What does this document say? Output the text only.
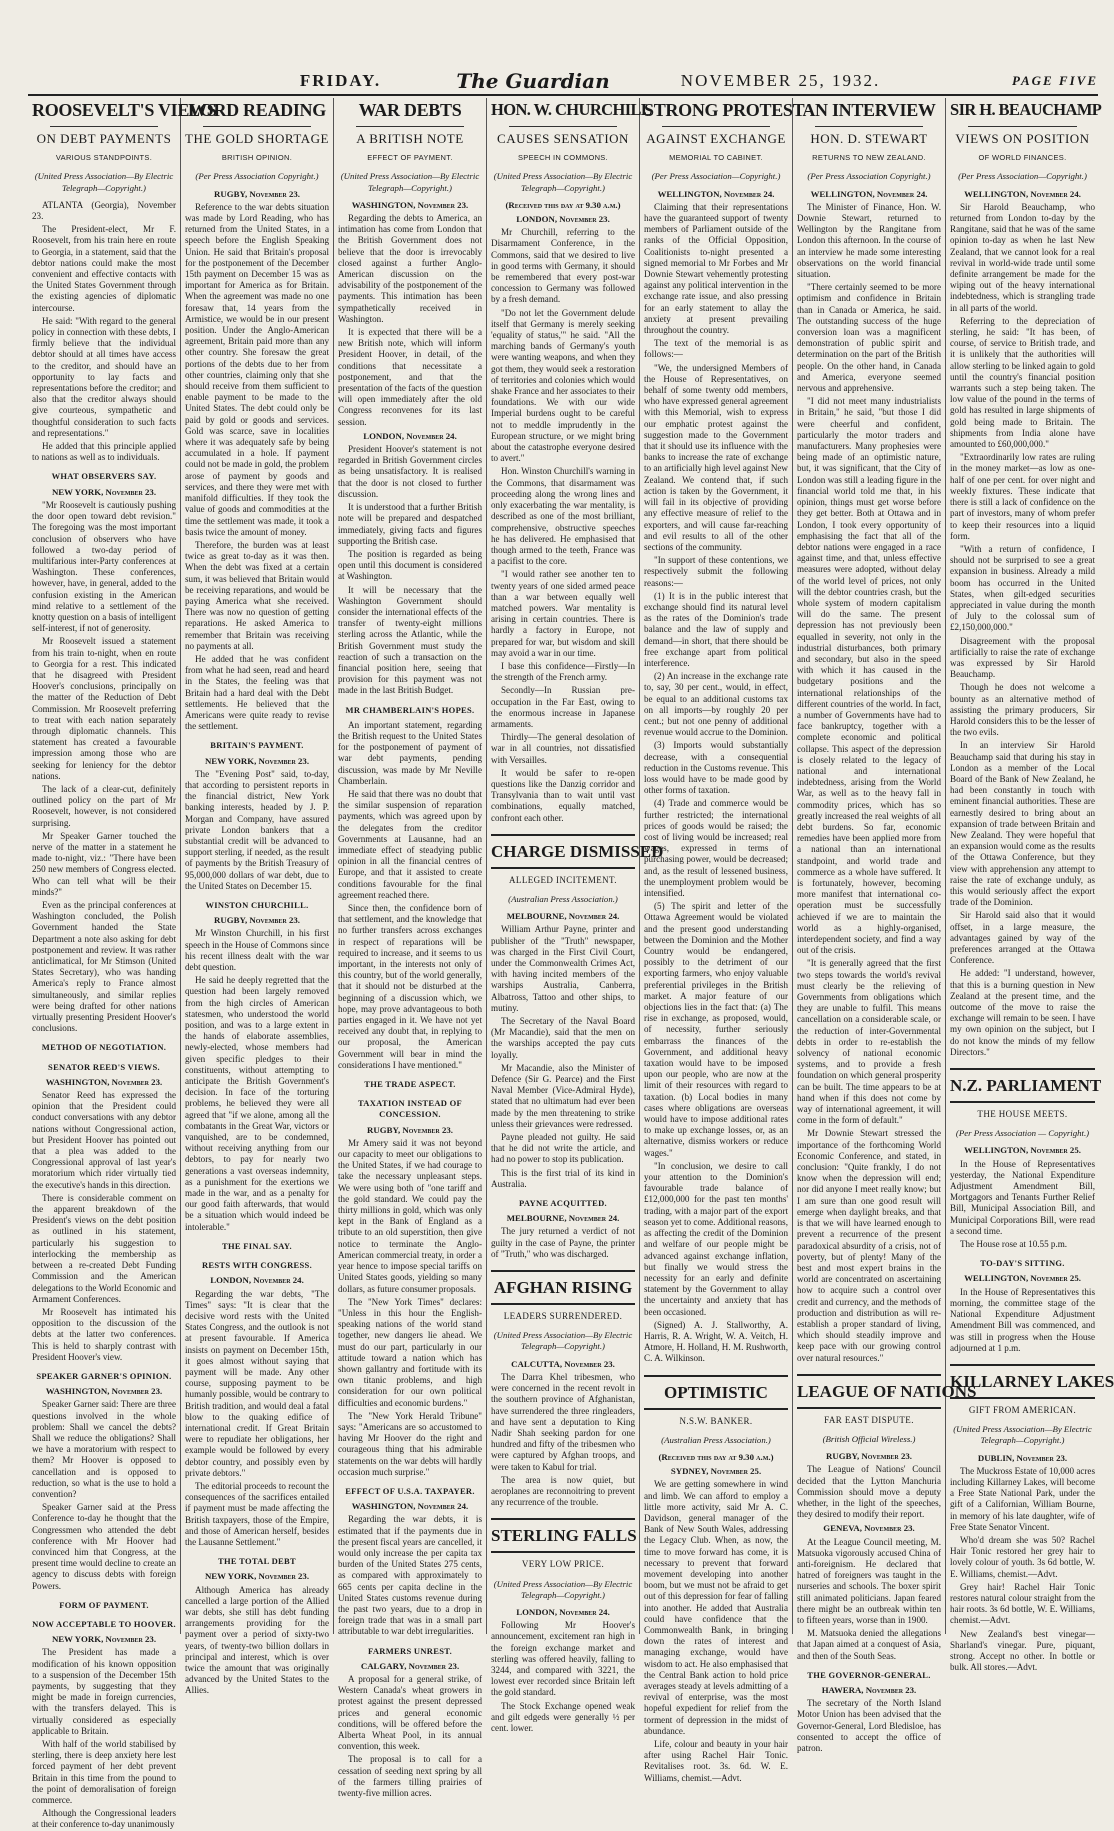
FRIDAY.	The Guardian	NOVEMBER 25, 1932.	PAGE FIVE
ROOSEVELT'S VIEWS
ON DEBT PAYMENTS
VARIOUS STANDPOINTS.
(United Press Association—By Electric Telegraph—Copyright.)

ATLANTA (Georgia), November 23.

The President-elect, Mr F. Roosevelt, from his train here en route to Georgia, in a statement, said that the debtor nations could make the most convenient and effective contacts with the United States Government through the existing agencies of diplomatic intercourse.

He said: "With regard to the general policy in connection with these debts, I firmly believe that the individual debtor should at all times have access to the creditor, and should have an opportunity to lay facts and representations before the creditor; and also that the creditor always should give courteous, sympathetic and thoughtful consideration to such facts and representations."

He added that this principle applied to nations as well as to individuals.

WHAT OBSERVERS SAY.
NEW YORK, November 23.

"Mr Roosevelt is cautiously pushing the door open toward debt revision." The foregoing was the most important conclusion of observers who have followed a two-day period of multifarious inter-Party conferences at Washington. These conferences, however, have, in general, added to the confusion existing in the American mind relative to a settlement of the knotty question on a basis of intelligent self-interest, if not of generosity.

Mr Roosevelt issued a statement from his train to-night, when en route to Georgia for a rest. This indicated that he disagreed with President Hoover's conclusions, principally on the matter of the Reduction of Debt Commission. Mr Roosevelt preferring to treat with each nation separately through diplomatic channels. This statement has created a favourable impression among those who are seeking for leniency for the debtor nations.

The lack of a clear-cut, definitely outlined policy on the part of Mr Roosevelt, however, is not considered surprising.

Mr Speaker Garner touched the nerve of the matter in a statement he made to-night, viz.: "There have been 250 new members of Congress elected. Who can tell what will be their minds?"

Even as the principal conferences at Washington concluded, the Polish Government handed the State Department a note also asking for debt postponement and review. It was rather anticlimatical, for Mr Stimson (United States Secretary), who was handing America's reply to France almost simultaneously, and similar replies were being drafted for other nations virtually presenting President Hoover's conclusions.

METHOD OF NEGOTIATION.
SENATOR REED'S VIEWS.
WASHINGTON, November 23.

Senator Reed has expressed the opinion that the President could conduct conversations with any debtor nations without Congressional action, but President Hoover has pointed out that a plea was added to the Congressional approval of last year's moratorium which rider virtually tied the executive's hands in this direction.

There is considerable comment on the apparent breakdown of the President's views on the debt position as outlined in his statement, particularly his suggestion to interlocking the membership as between a re-created Debt Funding Commission and the American delegations to the World Economic and Armament Conferences.

Mr Roosevelt has intimated his opposition to the discussion of the debts at the latter two conferences. This is held to sharply contrast with President Hoover's view.

SPEAKER GARNER'S OPINION.
WASHINGTON, November 23.

Speaker Garner said: There are three questions involved in the whole problem: Shall we cancel the debts? Shall we reduce the obligations? Shall we have a moratorium with respect to them? Mr Hoover is opposed to cancellation and is opposed to reduction, so what is the use to hold a convention?

Speaker Garner said at the Press Conference to-day he thought that the Congressmen who attended the debt conference with Mr Hoover had convinced him that Congress, at the present time would decline to create an agency to discuss debts with foreign Powers.

FORM OF PAYMENT.
NOW ACCEPTABLE TO HOOVER.
NEW YORK, November 23.

The President has made a modification of his known opposition to a suspension of the December 15th payments, by suggesting that they might be made in foreign currencies, with the transfers delayed. This is virtually considered as especially applicable to Britain.

With half of the world stabilised by sterling, there is deep anxiety here lest forced payment of her debt prevent Britain in this time from the pound to the point of demoralisation of foreign commerce.

Although the Congressional leaders at their conference to-day unanimously

LORD READING
THE GOLD SHORTAGE
BRITISH OPINION.
(Per Press Association Copyright.)
RUGBY, November 23.

Reference to the war debts situation was made by Lord Reading, who has returned from the United States, in a speech before the English Speaking Union. He said that Britain's proposal for the postponement of the December 15th payment on December 15 was as important for America as for Britain. When the agreement was made no one foresaw that, 14 years from the Armistice, we would be in our present position. Under the Anglo-American agreement, Britain paid more than any other country. She foresaw the great portions of the debts due to her from other countries, claiming only that she should receive from them sufficient to enable payment to be made to the United States. The debt could only be paid by gold or goods and services. Gold was scarce, save in localities where it was adequately safe by being accumulated in a hole. If payment could not be made in gold, the problem arose of payment by goods and services, and there they were met with manifold difficulties. If they took the value of goods and commodities at the time the settlement was made, it took a basis twice the amount of money.

Therefore, the burden was at least twice as great to-day as it was then. When the debt was fixed at a certain sum, it was believed that Britain would be receiving reparations, and would be paying America what she received. There was now no question of getting reparations. He asked America to remember that Britain was receiving no payments at all.

He added that he was confident from what he had seen, read and heard in the States, the feeling was that Britain had a hard deal with the Debt settlements. He believed that the Americans were quite ready to revise the settlement.

BRITAIN'S PAYMENT.
NEW YORK, November 23.

The "Evening Post" said, to-day, that according to persistent reports in the financial district, New York banking interests, headed by J. P. Morgan and Company, have assured private London bankers that a substantial credit will be advanced to support sterling, if needed, as the result of payments by the British Treasury of 95,000,000 dollars of war debt, due to the United States on December 15.

WINSTON CHURCHILL.
RUGBY, November 23.

Mr Winston Churchill, in his first speech in the House of Commons since his recent illness dealt with the war debt question.

He said he deeply regretted that the question had been largely removed from the high circles of American statesmen, who understood the world position, and was to a large extent in the hands of elaborate assemblies, newly-elected, whose members had given specific pledges to their constituents, without attempting to anticipate the British Government's decision. In face of the torturing problems, he believed they were all agreed that "if we alone, among all the combatants in the Great War, victors or vanquished, are to be condemned, without receiving anything from our debtors, to pay for nearly two generations a vast overseas indemnity, as a punishment for the exertions we made in the war, and as a penalty for our good faith afterwards, that would be a situation which would indeed be intolerable."

THE FINAL SAY.
RESTS WITH CONGRESS.
LONDON, November 24.

Regarding the war debts, "The Times" says: "It is clear that the decisive word rests with the United States Congress, and the outlook is not at present favourable. If America insists on payment on December 15th, it goes almost without saying that payment will be made. Any other course, supposing payment to be humanly possible, would be contrary to British tradition, and would deal a fatal blow to the quaking edifice of international credit. If Great Britain were to repudiate her obligations, her example would be followed by every debtor country, and possibly even by private debtors."

The editorial proceeds to recount the consequences of the sacrifices entailed if payment must be made affecting the British taxpayers, those of the Empire, and those of American herself, besides the Lausanne Settlement."

THE TOTAL DEBT
NEW YORK, November 23.

Although America has already cancelled a large portion of the Allied war debts, she still has debt funding arrangements providing for the payment over a period of sixty-two years, of twenty-two billion dollars in principal and interest, which is over twice the amount that was originally advanced by the United States to the Allies.

WAR DEBTS
A BRITISH NOTE
EFFECT OF PAYMENT.
(United Press Association—By Electric Telegraph—Copyright.)
WASHINGTON, November 23.

Regarding the debts to America, an intimation has come from London that the British Government does not believe that the door is irrevocably closed against a further Anglo-American discussion on the advisability of the postponement of the payments. This intimation has been sympathetically received in Washington.

It is expected that there will be a new British note, which will inform President Hoover, in detail, of the conditions that necessitate a postponement, and that the presentation of the facts of the question will open immediately after the old Congress reconvenes for its last session.

LONDON, November 24.

President Hoover's statement is not regarded in British Government circles as being unsatisfactory. It is realised that the door is not closed to further discussion.

It is understood that a further British note will be prepared and despatched immediately, giving facts and figures supporting the British case.

The position is regarded as being open until this document is considered at Washington.

It will be necessary that the Washington Government should consider the international effects of the transfer of twenty-eight millions sterling across the Atlantic, while the British Government must study the reaction of such a transaction on the financial position here, seeing that provision for this payment was not made in the last British Budget.

MR CHAMBERLAIN'S HOPES.

An important statement, regarding the British request to the United States for the postponement of payment of war debt payments, pending discussion, was made by Mr Neville Chamberlain.

He said that there was no doubt that the similar suspension of reparation payments, which was agreed upon by the delegates from the creditor Governments at Lausanne, had an immediate effect of steadying public opinion in all the financial centres of Europe, and that it assisted to create conditions favourable for the final agreement reached there.

Since then, the confidence born of that settlement, and the knowledge that no further transfers across exchanges in respect of reparations will be required to increase, and it seems to us important, in the interests not only of this country, but of the world generally, that it should not be disturbed at the beginning of a discussion which, we hope, may prove advantageous to both parties engaged in it. We have not yet received any doubt that, in replying to our proposal, the American Government will bear in mind the considerations I have mentioned."

THE TRADE ASPECT.
TAXATION INSTEAD OF CONCESSION.
RUGBY, November 23.

Mr Amery said it was not beyond our capacity to meet our obligations to the United States, if we had courage to take the necessary unpleasant steps. We were using both of "one tariff and the gold standard. We could pay the thirty millions in gold, which was only kept in the Bank of England as a tribute to an old superstition, then give notice to terminate the Anglo-American commercial treaty, in order a year hence to impose special tariffs on United States goods, yielding so many dollars, as future consumer proposals.

The "New York Times" declares: "Unless in this hour the English-speaking nations of the world stand together, new dangers lie ahead. We must do our part, particularly in our attitude toward a nation which has shown gallantry and fortitude with its own titanic problems, and high consideration for our own political difficulties and economic burdens."

The "New York Herald Tribune" says: "Americans are so accustomed to having Mr Hoover do the right and courageous thing that his admirable statements on the war debts will hardly occasion much surprise."

EFFECT OF U.S.A. TAXPAYER.
WASHINGTON, November 24.

Regarding the war debts, it is estimated that if the payments due in the present fiscal years are cancelled, it would only increase the per capita tax burden of the United States 275 cents, as compared with approximately to 665 cents per capita decline in the United States customs revenue during the past two years, due to a drop in foreign trade that was in a small part attributable to war debt irregularities.

FARMERS UNREST.
CALGARY, November 23.

A proposal for a general strike, of Western Canada's wheat growers in protest against the present depressed prices and general economic conditions, will be offered before the Alberta Wheat Pool, in its annual convention, this week.

The proposal is to call for a cessation of seeding next spring by all of the farmers tilling prairies of twenty-five million acres.

HON. W. CHURCHILL
CAUSES SENSATION
SPEECH IN COMMONS.
(United Press Association—By Electric Telegraph—Copyright.)
(Received this day at 9.30 a.m.)
LONDON, November 23.

Mr Churchill, referring to the Disarmament Conference, in the Commons, said that we desired to live in good terms with Germany, it should be remembered that every post-war concession to Germany was followed by a fresh demand.

"Do not let the Government delude itself that Germany is merely seeking 'equality of status,'" he said. "All the marching bands of Germany's youth were wanting weapons, and when they got them, they would seek a restoration of territories and colonies which would shake France and her associates to their foundations. We with our wide Imperial burdens ought to be careful not to meddle imprudently in the European structure, or we might bring about the catastrophe everyone desired to avert."

Hon. Winston Churchill's warning in the Commons, that disarmament was proceeding along the wrong lines and only exacerbating the war mentality, is described as one of the most brilliant, comprehensive, obstructive speeches he has delivered. He emphasised that though armed to the teeth, France was a pacifist to the core.

"I would rather see another ten to twenty years of one sided armed peace than a war between equally well matched powers. War mentality is arising in certain countries. There is hardly a factory in Europe, not prepared for war, but wisdom and skill may avoid a war in our time.

I base this confidence—Firstly—In the strength of the French army.

Secondly—In Russian pre-occupation in the Far East, owing to the enormous increase in Japanese armaments.

Thirdly—The general desolation of war in all countries, not dissatisfied with Versailles.

It would be safer to re-open questions like the Danzig corridor and Transylvania than to wait until vast combinations, equally matched, confront each other.

CHARGE DISMISSED
ALLEGED INCITEMENT.
(Australian Press Association.)
MELBOURNE, November 24.

William Arthur Payne, printer and publisher of the "Truth" newspaper, was charged in the First Civil Court, under the Commonwealth Crimes Act, with having incited members of the warships Australia, Canberra, Albatross, Tattoo and other ships, to mutiny.

The Secretary of the Naval Board (Mr Macandie), said that the men on the warships accepted the pay cuts loyally.

Mr Macandie, also the Minister of Defence (Sir G. Pearce) and the First Naval Member (Vice-Admiral Hyde), stated that no ultimatum had ever been made by the men threatening to strike unless their grievances were redressed.

Payne pleaded not guilty. He said that he did not write the article, and had no power to stop its publication.

This is the first trial of its kind in Australia.

PAYNE ACQUITTED.
MELBOURNE, November 24.

The jury returned a verdict of not guilty in the case of Payne, the printer of "Truth," who was discharged.

AFGHAN RISING
LEADERS SURRENDERED.
(United Press Association—By Electric Telegraph—Copyright.)
CALCUTTA, November 23.

The Darra Khel tribesmen, who were concerned in the recent revolt in the southern province of Afghanistan, have surrendered the three ringleaders, and have sent a deputation to King Nadir Shah seeking pardon for one hundred and fifty of the tribesmen who were captured by Afghan troops, and were taken to Kabul for trial.

The area is now quiet, but aeroplanes are reconnoitring to prevent any recurrence of the trouble.

STERLING FALLS
VERY LOW PRICE.
(United Press Association—By Electric Telegraph—Copyright.)
LONDON, November 24.

Following Mr Hoover's announcement, excitement ran high in the foreign exchange market and sterling was offered heavily, falling to 3244, and compared with 3221, the lowest ever recorded since Britain left the gold standard.

The Stock Exchange opened weak and gilt edgeds were generally ½ per cent. lower.

STRONG PROTEST
AGAINST EXCHANGE
MEMORIAL TO CABINET.
(Per Press Association—Copyright.)
WELLINGTON, November 24.

Claiming that their representations have the guaranteed support of twenty members of Parliament outside of the ranks of the Official Opposition, Coalitionists to-night presented a signed memorial to Mr Forbes and Mr Downie Stewart vehemently protesting against any political intervention in the exchange rate issue, and also pressing for an early statement to allay the anxiety at present prevailing throughout the country.

The text of the memorial is as follows:—

"We, the undersigned Members of the House of Representatives, on behalf of some twenty odd members, who have expressed general agreement with this Memorial, wish to express our emphatic protest against the suggestion made to the Government that it should use its influence with the banks to increase the rate of exchange to an artificially high level against New Zealand. We contend that, if such action is taken by the Government, it will fail in its objective of providing any effective measure of relief to the exporters, and will cause far-reaching and evil results to all of the other sections of the community.

"In support of these contentions, we respectively submit the following reasons:—

(1) It is in the public interest that exchange should find its natural level as the rates of the Dominion's trade balance and the law of supply and demand—in short, that there should be free exchange apart from political interference.

(2) An increase in the exchange rate to, say, 30 per cent., would, in effect, be equal to an additional customs tax on all imports—by roughly 20 per cent.; but not one penny of additional revenue would accrue to the Dominion.

(3) Imports would substantially decrease, with a consequential reduction in the Customs revenue. This loss would have to be made good by other forms of taxation.

(4) Trade and commerce would be further restricted; the international prices of goods would be raised; the cost of living would be increased; real wages, expressed in terms of purchasing power, would be decreased; and, as the result of lessened business, the unemployment problem would be intensified.

(5) The spirit and letter of the Ottawa Agreement would be violated and the present good understanding between the Dominion and the Mother Country would be endangered, possibly to the detriment of our exporting farmers, who enjoy valuable preferential privileges in the British market. A major feature of our objections lies in the fact that: (a) The rise in exchange, as proposed, would, of necessity, further seriously embarrass the finances of the Government, and additional heavy taxation would have to be imposed upon our people, who are now at the limit of their resources with regard to taxation. (b) Local bodies in many cases where obligations are overseas would have to impose additional rates to make up exchange losses, or, as an alternative, dismiss workers or reduce wages."

"In conclusion, we desire to call your attention to the Dominion's favourable trade balance of £12,000,000 for the past ten months' trading, with a major part of the export season yet to come. Additional reasons, as affecting the credit of the Dominion and welfare of our people might be advanced against exchange inflation, but finally we would stress the necessity for an early and definite statement by the Government to allay the uncertainty and anxiety that has been occasioned.

(Signed) A. J. Stallworthy, A. Harris, R. A. Wright, W. A. Veitch, H. Atmore, H. Holland, H. M. Rushworth, C. A. Wilkinson.

OPTIMISTIC
N.S.W. BANKER.
(Australian Press Association.)
(Received this day at 9.30 a.m.)
SYDNEY, November 25.

We are getting somewhere in wind and limb. We can afford to employ a little more activity, said Mr A. C. Davidson, general manager of the Bank of New South Wales, addressing the Legacy Club. When, as now, the time to move forward has come, it is necessary to prevent that forward movement developing into another boom, but we must not be afraid to get out of this depression for fear of falling into another. He added that Australia could have confidence that the Commonwealth Bank, in bringing down the rates of interest and managing exchange, would have wisdom to act. He also emphasised that the Central Bank action to hold price averages steady at levels admitting of a revival of enterprise, was the most hopeful expedient for relief from the torment of depression in the midst of abundance.

Life, colour and beauty in your hair after using Rachel Hair Tonic. Revitalises root. 3s. 6d. W. E. Williams, chemist.—Advt.

AN INTERVIEW
HON. D. STEWART
RETURNS TO NEW ZEALAND.
(Per Press Association Copyright.)
WELLINGTON, November 24.

The Minister of Finance, Hon. W. Downie Stewart, returned to Wellington by the Rangitane from London this afternoon. In the course of an interview he made some interesting observations on the world financial situation.

"There certainly seemed to be more optimism and confidence in Britain than in Canada or America, he said. The outstanding success of the huge conversion loan was a magnificent demonstration of public spirit and determination on the part of the British people. On the other hand, in Canada and America, everyone seemed nervous and apprehensive.

"I did not meet many industrialists in Britain," he said, "but those I did were cheerful and confident, particularly the motor traders and manufacturers. Many prophesies were being made of an optimistic nature, but, it was significant, that the City of London was still a leading figure in the financial world told me that, in his opinion, things must get worse before they get better. Both at Ottawa and in London, I took every opportunity of emphasising the fact that all of the debtor nations were engaged in a race against time, and that, unless effective measures were adopted, without delay of the world level of prices, not only will the debtor countries crash, but the whole system of modern capitalism will do the same. The present depression has not previously been equalled in severity, not only in the industrial disturbances, both primary and secondary, but also in the speed with which it has caused in the budgetary positions and the international relationships of the different countries of the world. In fact, a number of Governments have had to face bankruptcy, together with a complete economic and political collapse. This aspect of the depression is closely related to the legacy of national and international indebtedness, arising from the World War, as well as to the heavy fall in commodity prices, which has so greatly increased the real weights of all debt burdens. So far, economic remedies have been applied more from a national than an international standpoint, and world trade and commerce as a whole have suffered. It is fortunately, however, becoming more manifest that international co-operation must be successfully achieved if we are to maintain the world as a highly-organised, interdependent society, and find a way out of the crisis.

"It is generally agreed that the first two steps towards the world's revival must clearly be the relieving of Governments from obligations which they are unable to fulfil. This means cancellation on a considerable scale, or the reduction of inter-Governmental debts in order to re-establish the solvency of national economic systems, and to provide a fresh foundation on which general prosperity can be built. The time appears to be at hand when if this does not come by way of international agreement, it will come in the form of default."

Mr Downie Stewart stressed the importance of the forthcoming World Economic Conference, and stated, in conclusion: "Quite frankly, I do not know when the depression will end; nor did anyone I meet really know; but I am sure than one good result will emerge when daylight breaks, and that is that we will have learned enough to prevent a recurrence of the present paradoxical absurdity of a crisis, not of poverty, but of plenty! Many of the best and most expert brains in the world are concentrated on ascertaining how to acquire such a control over credit and currency, and the methods of production and distribution as will re-establish a proper standard of living, which should steadily improve and keep pace with our growing control over natural resources."

LEAGUE OF NATIONS
FAR EAST DISPUTE.
(British Official Wireless.)
RUGBY, November 23.

The League of Nations' Council decided that the Lytton Manchuria Commission should move a deputy whether, in the light of the speeches, they desired to modify their report.

GENEVA, November 23.

At the League Council meeting, M. Matsuoka vigorously accused China of anti-foreignism. He declared that hatred of foreigners was taught in the nurseries and schools. The boxer spirit still animated politicians. Japan feared there might be an outbreak within ten to fifteen years, worse than in 1900.

M. Matsuoka denied the allegations that Japan aimed at a conquest of Asia, and then of the South Seas.

THE GOVERNOR-GENERAL.
HAWERA, November 23.

The secretary of the North Island Motor Union has been advised that the Governor-General, Lord Bledisloe, has consented to accept the office of patron.

SIR H. BEAUCHAMP
VIEWS ON POSITION
OF WORLD FINANCES.
(Per Press Association—Copyright.)
WELLINGTON, November 24.

Sir Harold Beauchamp, who returned from London to-day by the Rangitane, said that he was of the same opinion to-day as when he last New Zealand, that we cannot look for a real revival in world-wide trade until some definite arrangement be made for the wiping out of the heavy international indebtedness, which is strangling trade in all parts of the world.

Referring to the depreciation of sterling, he said: "It has been, of course, of service to British trade, and it is unlikely that the authorities will allow sterling to be linked again to gold until the country's financial position warrants such a step being taken. The low value of the pound in the terms of gold has resulted in large shipments of gold being made to Britain. The shipments from India alone have amounted to £60,000,000."

"Extraordinarily low rates are ruling in the money market—as low as one-half of one per cent. for over night and weekly fixtures. These indicate that there is still a lack of confidence on the part of investors, many of whom prefer to keep their resources into a liquid form.

"With a return of confidence, I should not be surprised to see a great expansion in business. Already a mild boom has occurred in the United States, when gilt-edged securities appreciated in value during the month of July to the colossal sum of £2,150,000,000."

Disagreement with the proposal artificially to raise the rate of exchange was expressed by Sir Harold Beauchamp.

Though he does not welcome a bounty as an alternative method of assisting the primary producers, Sir Harold considers this to be the lesser of the two evils.

In an interview Sir Harold Beauchamp said that during his stay in London as a member of the Local Board of the Bank of New Zealand, he had been constantly in touch with eminent financial authorities. These are earnestly desired to bring about an expansion of trade between Britain and New Zealand. They were hopeful that an expansion would come as the results of the Ottawa Conference, but they view with apprehension any attempt to raise the rate of exchange unduly, as this would seriously affect the export trade of the Dominion.

Sir Harold said also that it would offset, in a large measure, the advantages gained by way of the preferences arranged at the Ottawa Conference.

He added: "I understand, however, that this is a burning question in New Zealand at the present time, and the outcome of the move to raise the exchange will remain to be seen. I have my own opinion on the subject, but I do not know the minds of my fellow Directors."

N.Z. PARLIAMENT
THE HOUSE MEETS.
(Per Press Association — Copyright.)
WELLINGTON, November 25.

In the House of Representatives yesterday, the National Expenditure Adjustment Amendment Bill, Mortgagors and Tenants Further Relief Bill, Municipal Association Bill, and Municipal Corporations Bill, were read a second time.

The House rose at 10.55 p.m.

TO-DAY'S SITTING.
WELLINGTON, November 25.

In the House of Representatives this morning, the committee stage of the National Expenditure Adjustment Amendment Bill was commenced, and was still in progress when the House adjourned at 1 p.m.

KILLARNEY LAKES
GIFT FROM AMERICAN.
(United Press Association—By Electric Telegraph—Copyright.)
DUBLIN, November 23.

The Muckross Estate of 10,000 acres including Killarney Lakes, will become a Free State National Park, under the gift of a Californian, William Bourne, in memory of his late daughter, wife of Free State Senator Vincent.

Who'd dream she was 50? Rachel Hair Tonic restored her grey hair to lovely colour of youth. 3s 6d bottle, W. E. Williams, chemist.—Advt.

Grey hair! Rachel Hair Tonic restores natural colour straight from the hair roots. 3s 6d bottle, W. E. Williams, chemist.—Advt.

New Zealand's best vinegar—Sharland's vinegar. Pure, piquant, strong. Accept no other. In bottle or bulk. All stores.—Advt.
